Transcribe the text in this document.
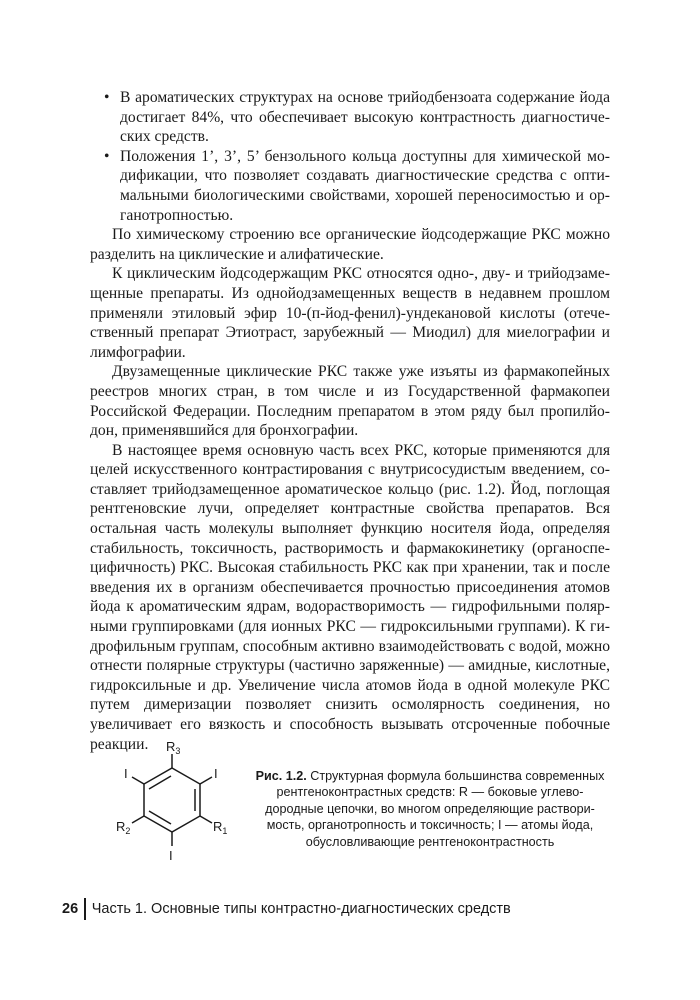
• В ароматических структурах на основе трийодбензоата содержание йода достигает 84%, что обеспечивает высокую контрастность диагностических средств.
• Положения 1’, 3’, 5’ бензольного кольца доступны для химической модификации, что позволяет создавать диагностические средства с оптимальными биологическими свойствами, хорошей переносимостью и органотропностью.

По химическому строению все органические йодсодержащие РКС можно разделить на циклические и алифатические.

К циклическим йодсодержащим РКС относятся одно-, дву- и трийодзамещенные препараты. Из однойодзамещенных веществ в недавнем прошлом применяли этиловый эфир 10-(п-йод-фенил)-ундекановой кислоты (отечественный препарат Этиотраст, зарубежный — Миодил) для миелографии и лимфографии.

Двузамещенные циклические РКС также уже изъяты из фармакопейных реестров многих стран, в том числе и из Государственной фармакопеи Российской Федерации. Последним препаратом в этом ряду был пропилйодон, применявшийся для бронхографии.

В настоящее время основную часть всех РКС, которые применяются для целей искусственного контрастирования с внутрисосудистым введением, составляет трийодзамещенное ароматическое кольцо (рис. 1.2). Йод, поглощая рентгеновские лучи, определяет контрастные свойства препаратов. Вся остальная часть молекулы выполняет функцию носителя йода, определяя стабильность, токсичность, растворимость и фармакокинетику (органоспецифичность) РКС. Высокая стабильность РКС как при хранении, так и после введения их в организм обеспечивается прочностью присоединения атомов йода к ароматическим ядрам, водорастворимость — гидрофильными полярными группировками (для ионных РКС — гидроксильными группами). К гидрофильным группам, способным активно взаимодействовать с водой, можно отнести полярные структуры (частично заряженные) — амидные, кислотные, гидроксильные и др. Увеличение числа атомов йода в одной молекуле РКС путем димеризации позволяет снизить осмолярность соединения, но увеличивает его вязкость и способность вызывать отсроченные побочные реакции.	$R_3$
I
$R_1$
I
$R_2$
I	Рис. 1.2. Структурная формула большинства современных рентгеноконтрастных средств: R — боковые углеводородные цепочки, во многом определяющие растворимость, органотропность и токсичность; I — атомы йода, обусловливающие рентгеноконтрастность
26 Часть 1. Основные типы контрастно-диагностических средств
